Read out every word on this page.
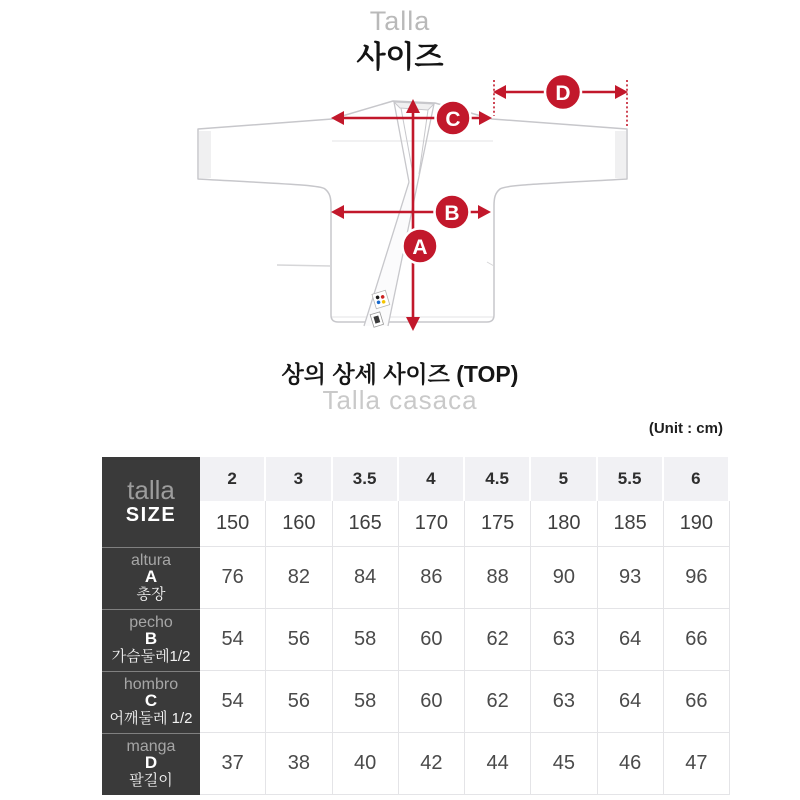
Talla
사이즈
A
B
C
D
상의 상세 사이즈 (TOP)
Talla casaca
(Unit : cm)
talla
SIZE
2	3	3.5	4	4.5	5	5.5	6
150	160	165	170	175	180	185	190
altura
A
총장
76	82	84	86	88	90	93	96
pecho
B
가슴둘레1/2
54	56	58	60	62	63	64	66
hombro
C
어깨둘레 1/2
54	56	58	60	62	63	64	66
manga
D
팔길이
37	38	40	42	44	45	46	47
